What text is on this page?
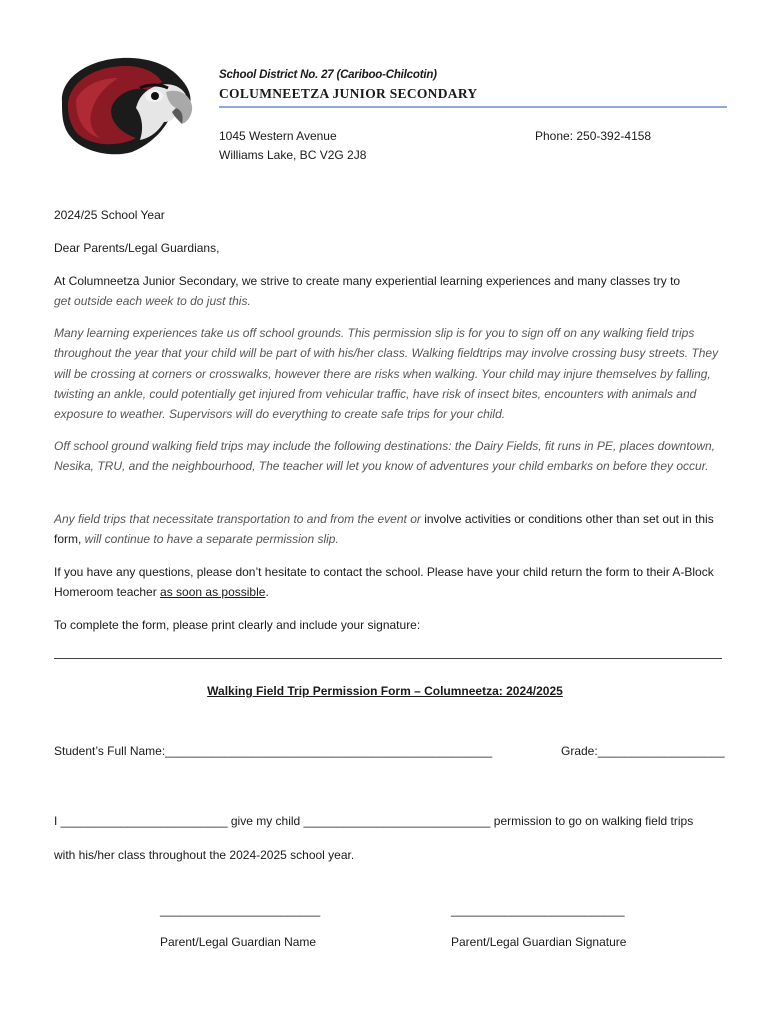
School District No. 27 (Cariboo-Chilcotin)
COLUMNEETZA JUNIOR SECONDARY
1045 Western Avenue
Williams Lake, BC V2G 2J8
Phone: 250-392-4158

2024/25 School Year

Dear Parents/Legal Guardians,

At Columneetza Junior Secondary, we strive to create many experiential learning experiences and many classes try to
get outside each week to do just this.

Many learning experiences take us off school grounds. This permission slip is for you to sign off on any walking field trips throughout the year that your child will be part of with his/her class. Walking fieldtrips may involve crossing busy streets. They will be crossing at corners or crosswalks, however there are risks when walking. Your child may injure themselves by falling, twisting an ankle, could potentially get injured from vehicular traffic, have risk of insect bites, encounters with animals and exposure to weather. Supervisors will do everything to create safe trips for your child.

Off school ground walking field trips may include the following destinations: the Dairy Fields, fit runs in PE, places downtown, Nesika, TRU, and the neighbourhood, The teacher will let you know of adventures your child embarks on before they occur.

Any field trips that necessitate transportation to and from the event or involve activities or conditions other than set out in this form, will continue to have a separate permission slip.

If you have any questions, please don’t hesitate to contact the school. Please have your child return the form to their A-Block Homeroom teacher as soon as possible.

To complete the form, please print clearly and include your signature:

Walking Field Trip Permission Form – Columneetza: 2024/2025
Student’s Full Name:_________________________________________________	Grade:___________________
I _________________________ give my child ____________________________ permission to go on walking field trips
with his/her class throughout the 2024-2025 school year.
________________________	__________________________
Parent/Legal Guardian Name	Parent/Legal Guardian Signature
